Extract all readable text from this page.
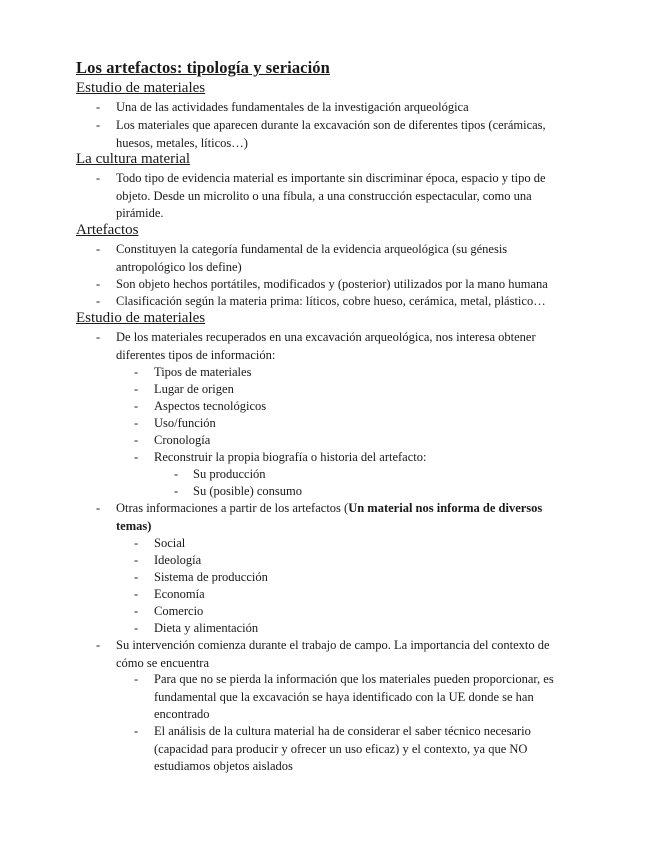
Los artefactos: tipología y seriación
Estudio de materiales
- Una de las actividades fundamentales de la investigación arqueológica
- Los materiales que aparecen durante la excavación son de diferentes tipos (cerámicas, huesos, metales, líticos…)
La cultura material
- Todo tipo de evidencia material es importante sin discriminar época, espacio y tipo de objeto. Desde un microlito o una fíbula, a una construcción espectacular, como una pirámide.
Artefactos
- Constituyen la categoría fundamental de la evidencia arqueológica (su génesis antropológico los define)
- Son objeto hechos portátiles, modificados y (posterior) utilizados por la mano humana
- Clasificación según la materia prima: líticos, cobre hueso, cerámica, metal, plástico…
Estudio de materiales
- De los materiales recuperados en una excavación arqueológica, nos interesa obtener diferentes tipos de información:
- Tipos de materiales
- Lugar de origen
- Aspectos tecnológicos
- Uso/función
- Cronología
- Reconstruir la propia biografía o historia del artefacto:
- Su producción
- Su (posible) consumo
- Otras informaciones a partir de los artefactos (Un material nos informa de diversos temas)
- Social
- Ideología
- Sistema de producción
- Economía
- Comercio
- Dieta y alimentación
- Su intervención comienza durante el trabajo de campo. La importancia del contexto de cómo se encuentra
- Para que no se pierda la información que los materiales pueden proporcionar, es fundamental que la excavación se haya identificado con la UE donde se han encontrado
- El análisis de la cultura material ha de considerar el saber técnico necesario (capacidad para producir y ofrecer un uso eficaz) y el contexto, ya que NO estudiamos objetos aislados
